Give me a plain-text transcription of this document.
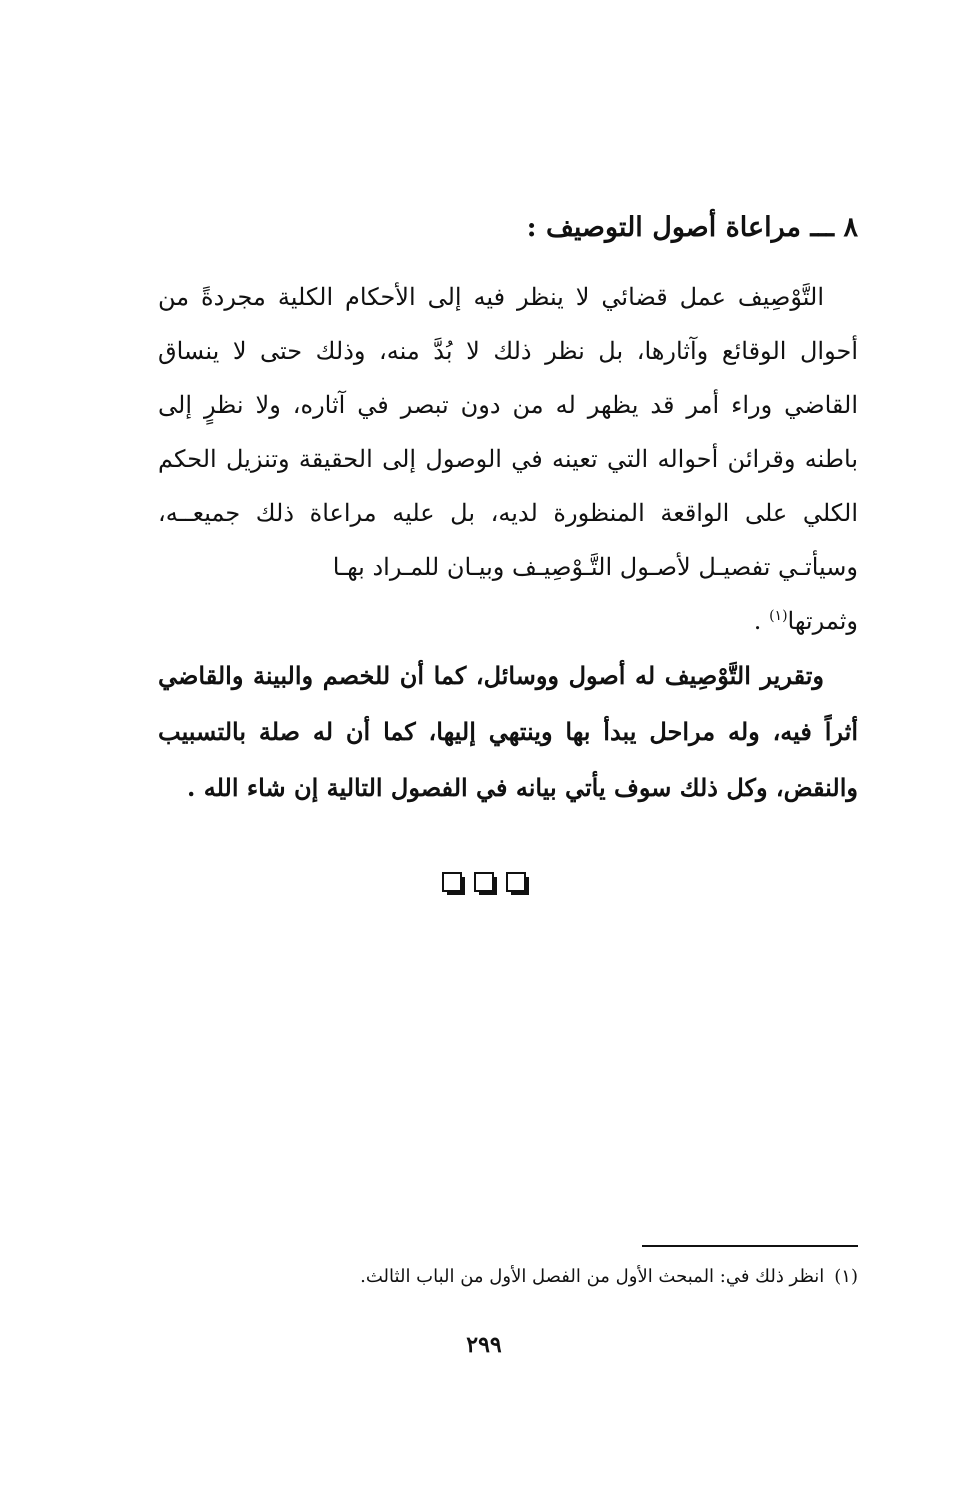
٨ ـــ مراعاة أصول التوصيف :
التَّوْصِيف عمل قضائي لا ينظر فيه إلى الأحكام الكلية مجردةً من أحوال الوقائع وآثارها، بل نظر ذلك لا بُدَّ منه، وذلك حتى لا ينساق القاضي وراء أمر قد يظهر له من دون تبصر في آثاره، ولا نظرٍ إلى باطنه وقرائن أحواله التي تعينه في الوصول إلى الحقيقة وتنزيل الحكم الكلي على الواقعة المنظورة لديه، بل عليه مراعاة ذلك جميعــه، وسيأتـي تفصيـل لأصـول التَّـوْصِيـف وبيـان للمـراد بهـا
وثمرتها$^{(١)}$ .
وتقرير التَّوْصِيف له أصول ووسائل، كما أن للخصم والبينة والقاضي أثراً فيه، وله مراحل يبدأ بها وينتهي إليها، كما أن له صلة بالتسبيب والنقض، وكل ذلك سوف يأتي بيانه في الفصول التالية إن شاء الله .

(١)انظر ذلك في: المبحث الأول من الفصل الأول من الباب الثالث.
٢٩٩
